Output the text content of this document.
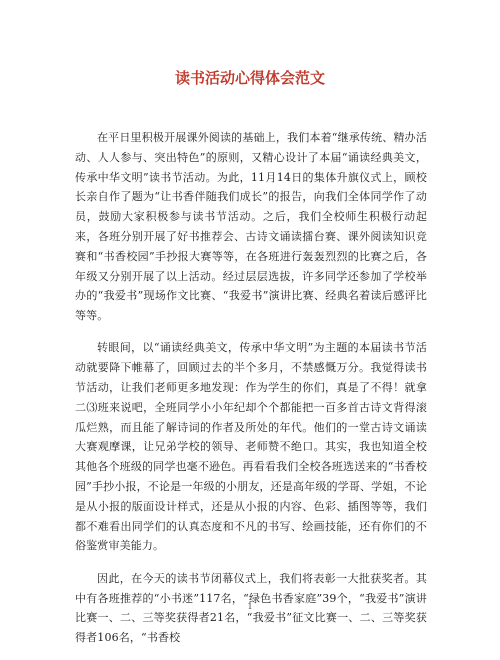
读书活动心得体会范文

在平日里积极开展课外阅读的基础上，我们本着“继承传统、精办活动、人人参与、突出特色”的原则，又精心设计了本届“诵读经典美文，传承中华文明”读书节活动。为此，11月14日的集体升旗仪式上，顾校长亲自作了题为“让书香伴随我们成长”的报告，向我们全体同学作了动员，鼓励大家积极参与读书节活动。之后，我们全校师生积极行动起来，各班分别开展了好书推荐会、古诗文诵读擂台赛、课外阅读知识竞赛和“书香校园”手抄报大赛等等，在各班进行轰轰烈烈的比赛之后，各年级又分别开展了以上活动。经过层层选拔，许多同学还参加了学校举办的“我爱书”现场作文比赛、“我爱书”演讲比赛、经典名着读后感评比等等。

转眼间，以“诵读经典美文，传承中华文明”为主题的本届读书节活动就要降下帷幕了，回顾过去的半个多月，不禁感慨万分。我觉得读书节活动，让我们老师更多地发现：作为学生的你们，真是了不得！就拿二⑶班来说吧，全班同学小小年纪却个个都能把一百多首古诗文背得滚瓜烂熟，而且能了解诗词的作者及所处的年代。他们的一堂古诗文诵读大赛观摩课，让兄弟学校的领导、老师赞不绝口。其实，我也知道全校其他各个班级的同学也毫不逊色。再看看我们全校各班选送来的“书香校园”手抄小报，不论是一年级的小朋友，还是高年级的学哥、学姐，不论是从小报的版面设计样式，还是从小报的内容、色彩、插图等等，我们都不难看出同学们的认真态度和不凡的书写、绘画技能，还有你们的不俗鉴赏审美能力。

因此，在今天的读书节闭幕仪式上，我们将表彰一大批获奖者。其中有各班推荐的“小书迷”117名，“绿色书香家庭”39个，“我爱书”演讲比赛一、二、三等奖获得者21名，“我爱书”征文比赛一、二、三等奖获得者106名，“书香校

1
